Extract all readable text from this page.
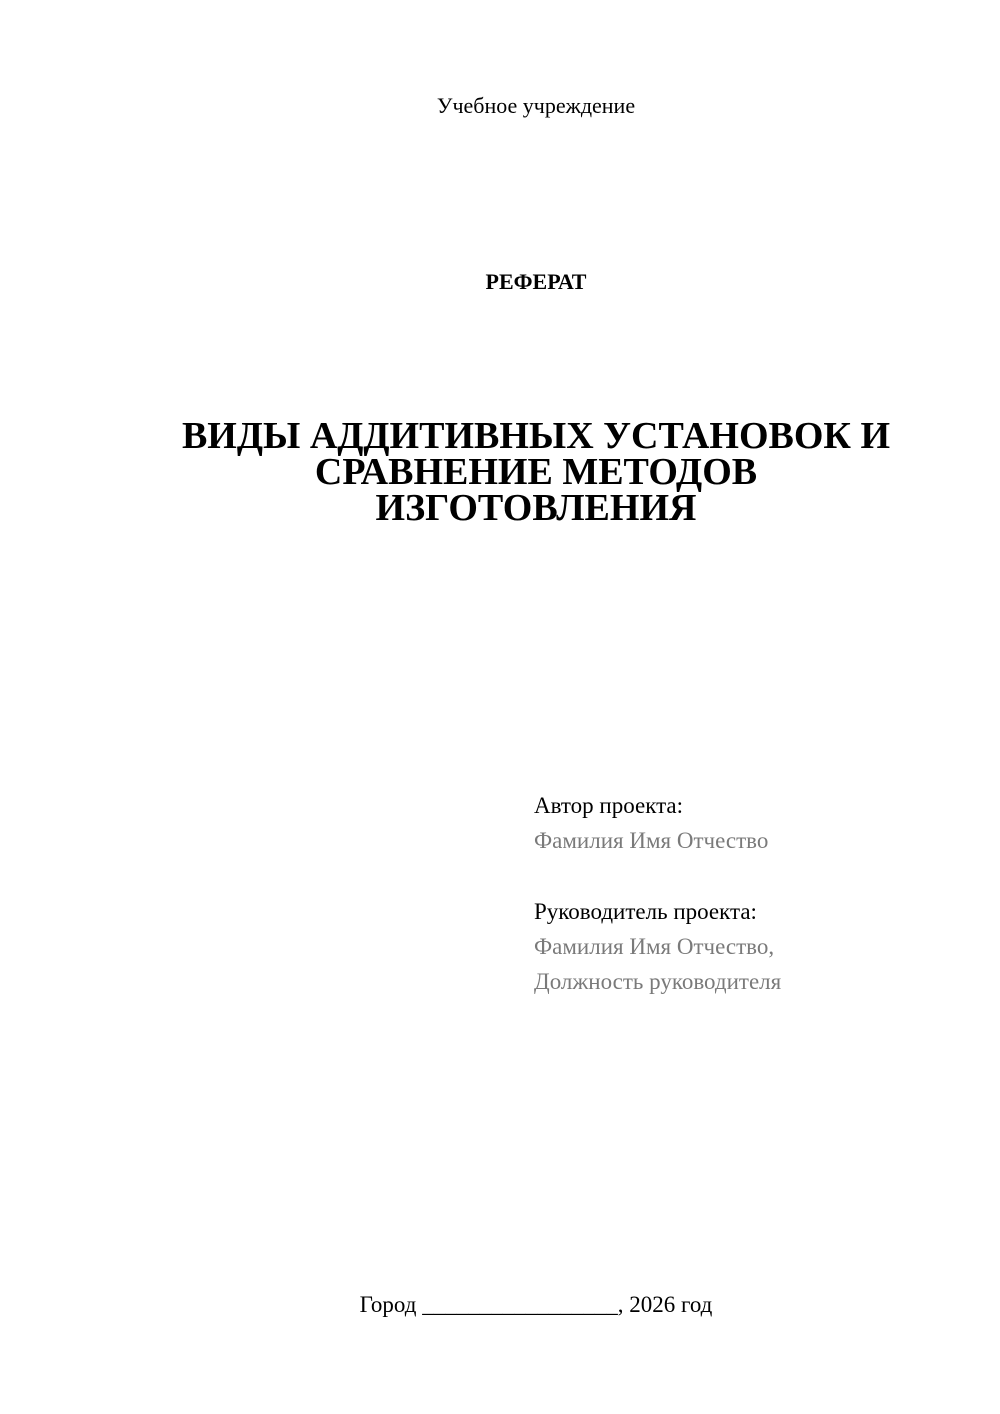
Учебное учреждение
РЕФЕРАТ
ВИДЫ АДДИТИВНЫХ УСТАНОВОК И
СРАВНЕНИЕ МЕТОДОВ
ИЗГОТОВЛЕНИЯ
Автор проекта:
Фамилия Имя Отчество
Руководитель проекта:
Фамилия Имя Отчество,
Должность руководителя
Город _________________, 2026 год
